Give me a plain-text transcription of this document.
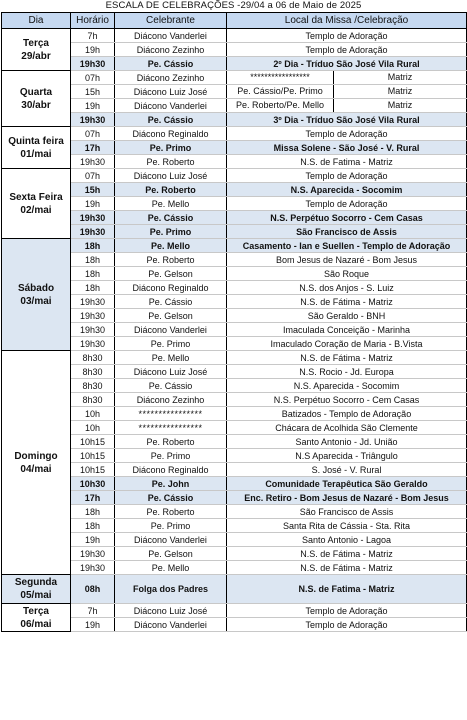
ESCALA DE CELEBRAÇÕES -29/04 a 06 de Maio de 2025
Dia	Horário	Celebrante	Local da Missa /Celebração
Terça
29/abr	7h	Diácono Vanderlei	Templo de Adoração
	19h	Diácono Zezinho	Templo de Adoração
	19h30	Pe. Cássio	2º Dia - Tríduo São José Vila Rural
Quarta
30/abr	07h	Diácono Zezinho	***************** Matriz

	15h	Diácono Luiz José	Pe. Cássio/Pe. Primo Matriz

	19h	Diácono Vanderlei	Pe. Roberto/Pe. Mello Matriz

	19h30	Pe. Cássio	3º Dia - Tríduo São José Vila Rural
Quinta feira
01/mai	07h	Diácono Reginaldo	Templo de Adoração
	17h	Pe. Primo	Missa Solene - São José - V. Rural
	19h30	Pe. Roberto	N.S. de Fatima - Matriz
Sexta Feira
02/mai	07h	Diácono Luiz José	Templo de Adoração
	15h	Pe. Roberto	N.S. Aparecida - Socomim
	19h	Pe. Mello	Templo de Adoração
	19h30	Pe. Cássio	N.S. Perpétuo Socorro - Cem Casas
	19h30	Pe. Primo	São Francisco de Assis
Sábado
03/mai	18h	Pe. Mello	Casamento - Ian e Suellen - Templo de Adoração
	18h	Pe. Roberto	Bom Jesus de Nazaré - Bom Jesus
	18h	Pe. Gelson	São Roque
	18h	Diácono Reginaldo	N.S. dos Anjos - S. Luiz
	19h30	Pe. Cássio	N.S. de Fátima - Matriz
	19h30	Pe. Gelson	São Geraldo - BNH
	19h30	Diácono Vanderlei	Imaculada Conceição - Marinha
	19h30	Pe. Primo	Imaculado Coração de Maria - B.Vista
Domingo
04/mai	8h30	Pe. Mello	N.S. de Fátima - Matriz
	8h30	Diácono Luiz José	N.S. Rocio - Jd. Europa
	8h30	Pe. Cássio	N.S. Aparecida - Socomim
	8h30	Diácono Zezinho	N.S. Perpétuo Socorro - Cem Casas
	10h	****************	Batizados - Templo de Adoração
	10h	****************	Chácara de Acolhida São Clemente
	10h15	Pe. Roberto	Santo Antonio - Jd. União
	10h15	Pe. Primo	N.S Aparecida - Triângulo
	10h15	Diácono Reginaldo	S. José - V. Rural
	10h30	Pe. John	Comunidade Terapêutica São Geraldo
	17h	Pe. Cássio	Enc. Retiro - Bom Jesus de Nazaré - Bom Jesus
	18h	Pe. Roberto	São Francisco de Assis
	18h	Pe. Primo	Santa Rita de Cássia - Sta. Rita
	19h	Diácono Vanderlei	Santo Antonio - Lagoa
	19h30	Pe. Gelson	N.S. de Fátima - Matriz
	19h30	Pe. Mello	N.S. de Fátima - Matriz
Segunda
05/mai	08h	Folga dos Padres	N.S. de Fatima - Matriz
Terça
06/mai	7h	Diácono Luiz José	Templo de Adoração
	19h	Diácono Vanderlei	Templo de Adoração
